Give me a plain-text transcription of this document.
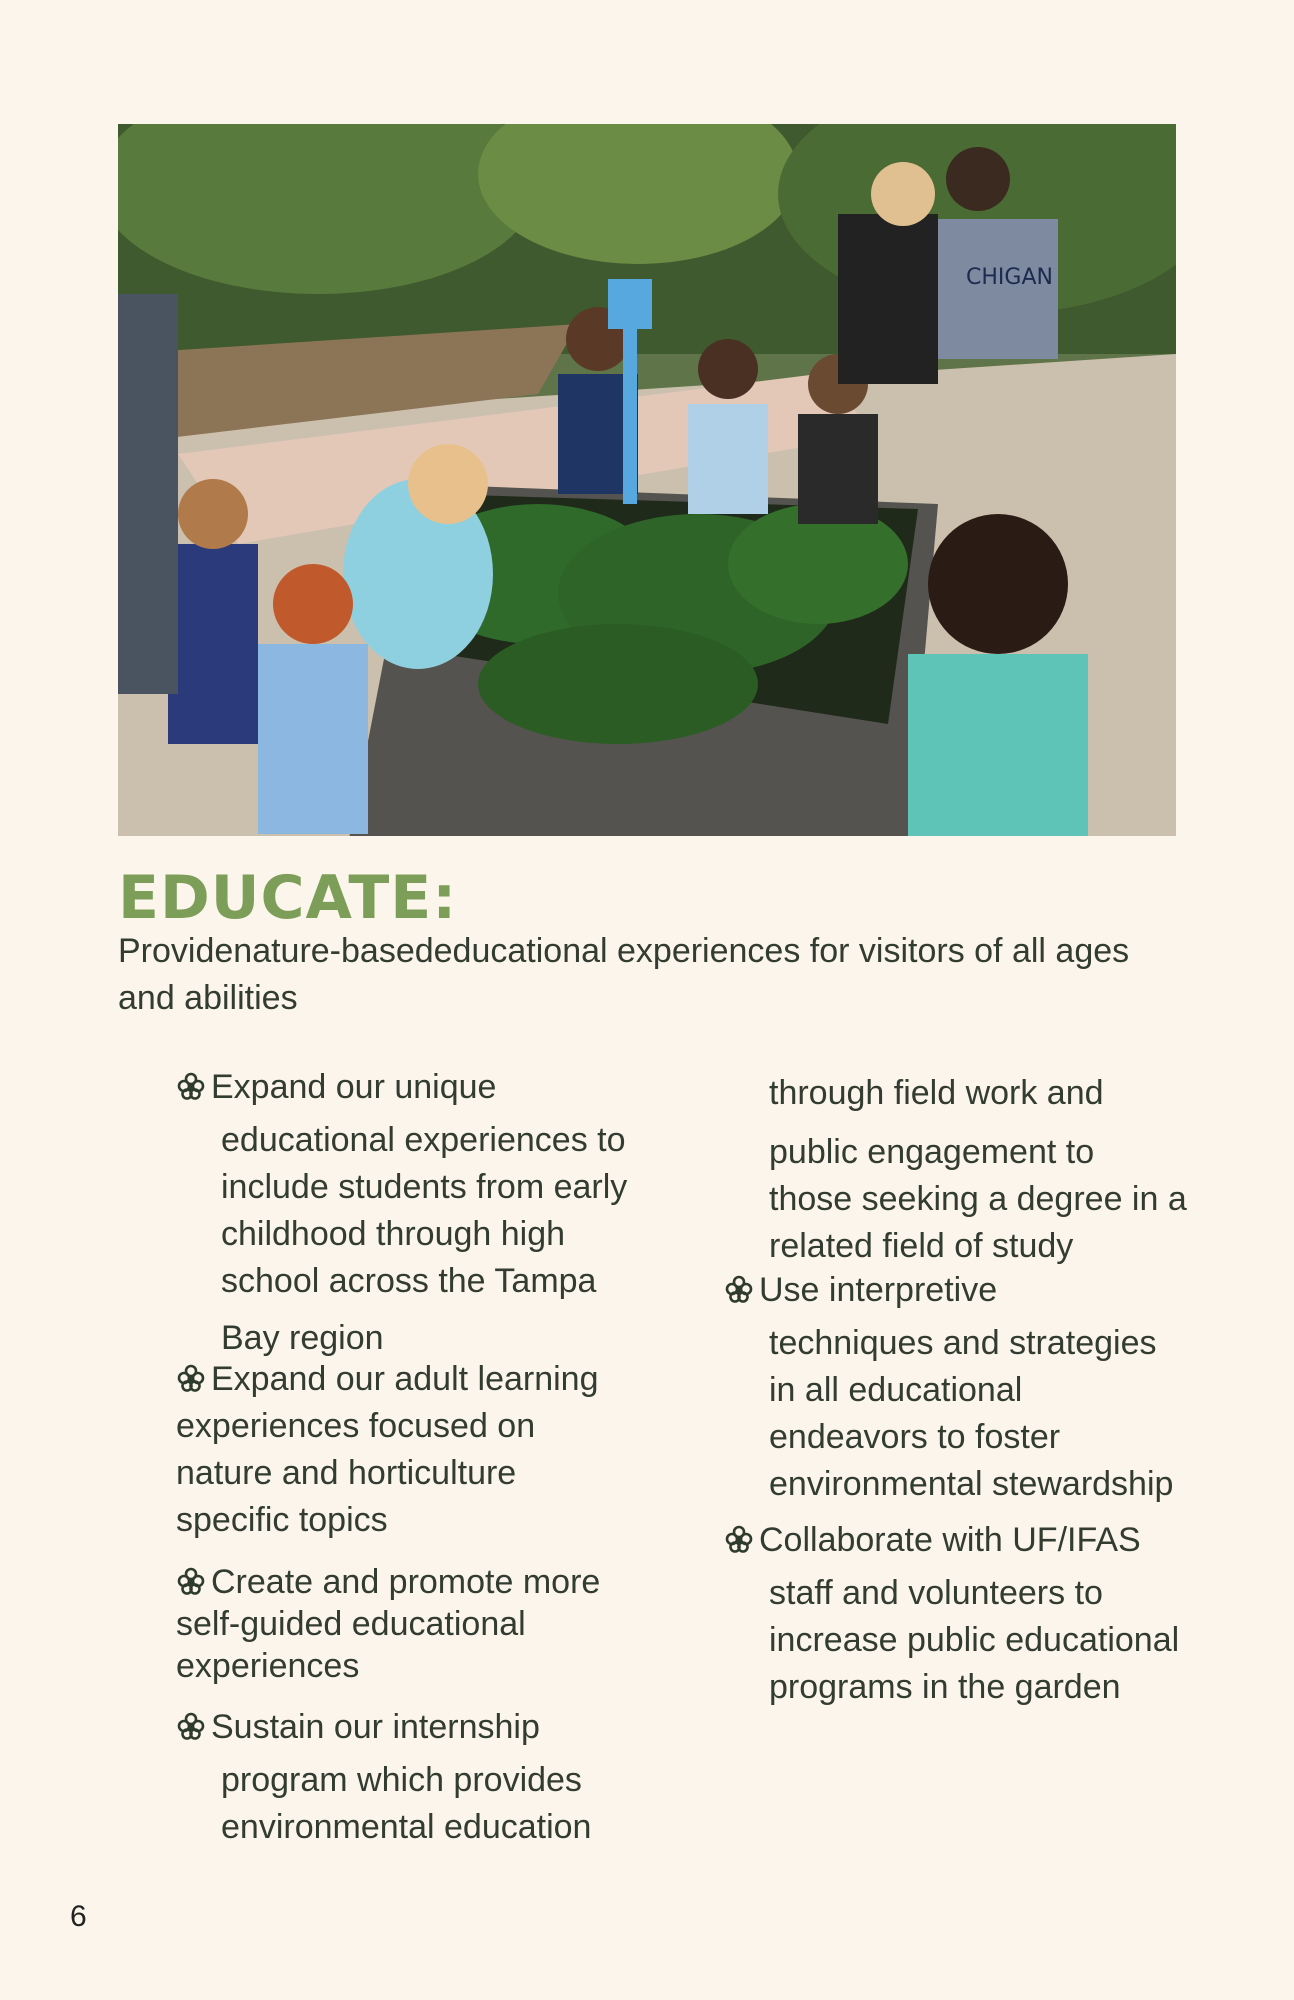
CHIGAN
EDUCATE:

Providenature-basededucational experiences for visitors of all ages and abilities

Expand our unique

educational experiences to

include students from early

childhood through high

school across the Tampa

Bay region

Expand our adult learning

experiences focused on

nature and horticulture

specific topics

Create and promote more

self-guided educational

experiences

Sustain our internship

program which provides

environmental education

through field work and

public engagement to

those seeking a degree in a

related field of study

Use interpretive

techniques and strategies

in all educational

endeavors to foster

environmental stewardship

Collaborate with UF/IFAS

staff and volunteers to

increase public educational

programs in the garden

6
